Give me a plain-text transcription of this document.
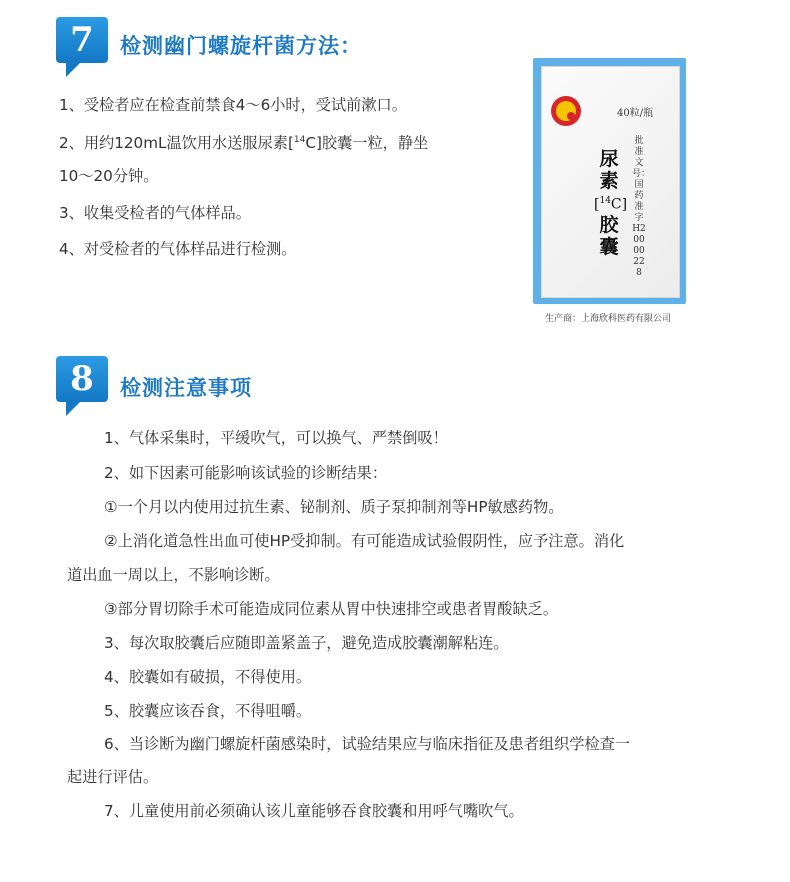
7	检测幽门螺旋杆菌方法：
1、受检者应在检查前禁食4～6小时，受试前漱口。
2、用约120mL温饮用水送服尿素[$^{14}$C]胶囊一粒，静坐
10～20分钟。
3、收集受检者的气体样品。
4、对受检者的气体样品进行检测。
40粒/瓶
尿
素
[$^{14}$C]
胶
囊
批准文号：国药准字H20000228
生产商：上海欣科医药有限公司
8	检测注意事项
1、气体采集时，平缓吹气，可以换气、严禁倒吸！
2、如下因素可能影响该试验的诊断结果：
①一个月以内使用过抗生素、铋制剂、质子泵抑制剂等HP敏感药物。
②上消化道急性出血可使HP受抑制。有可能造成试验假阴性，应予注意。消化
道出血一周以上，不影响诊断。
③部分胃切除手术可能造成同位素从胃中快速排空或患者胃酸缺乏。
3、每次取胶囊后应随即盖紧盖子，避免造成胶囊潮解粘连。
4、胶囊如有破损，不得使用。
5、胶囊应该吞食，不得咀嚼。
6、当诊断为幽门螺旋杆菌感染时，试验结果应与临床指征及患者组织学检查一
起进行评估。
7、儿童使用前必须确认该儿童能够吞食胶囊和用呼气嘴吹气。
